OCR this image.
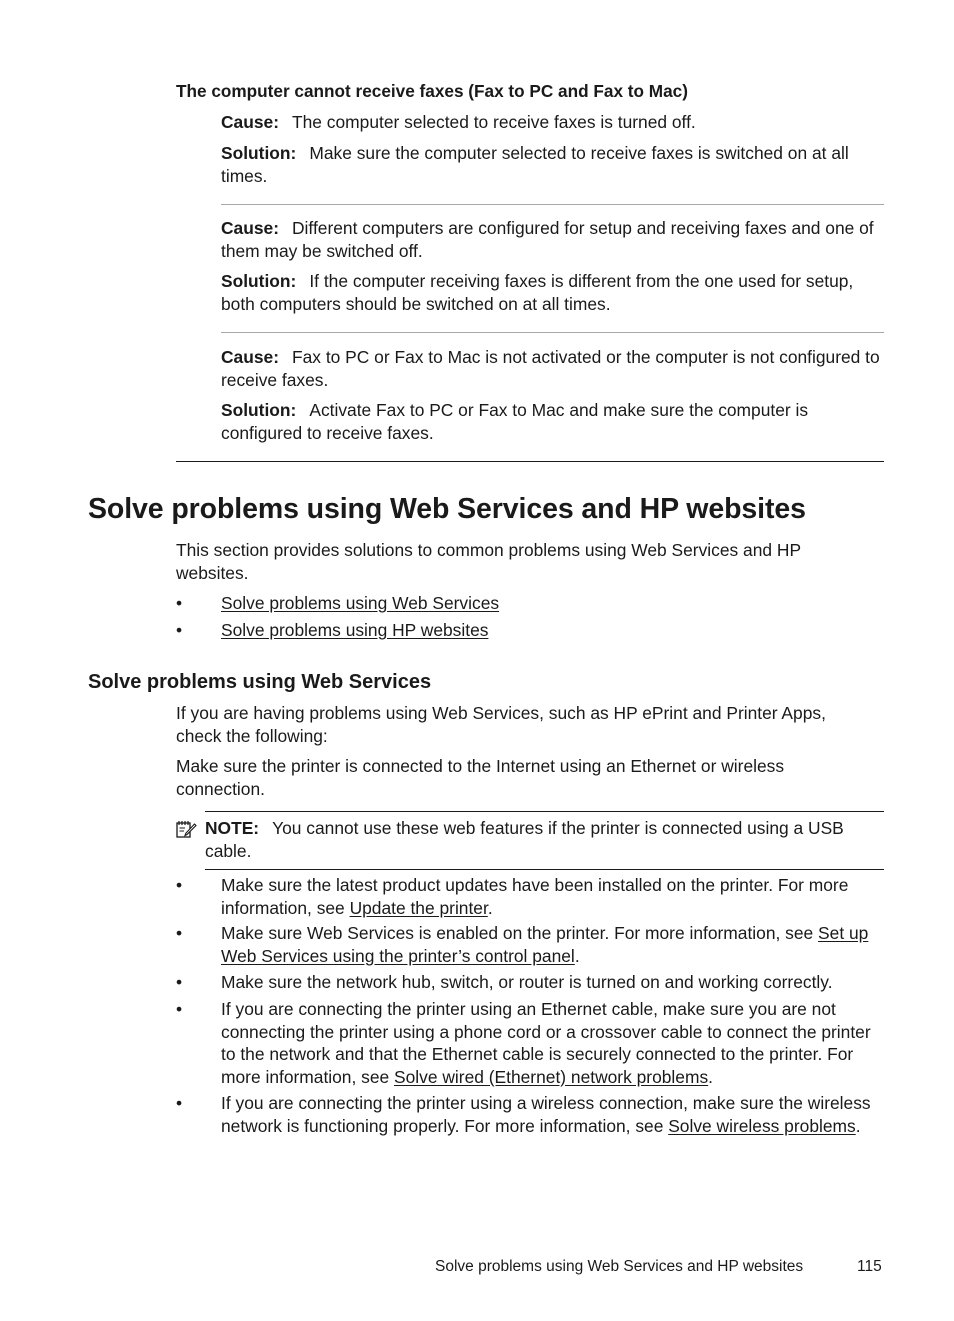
The computer cannot receive faxes (Fax to PC and Fax to Mac)

Cause: The computer selected to receive faxes is turned off.

Solution: Make sure the computer selected to receive faxes is switched on at all times.

Cause: Different computers are configured for setup and receiving faxes and one of them may be switched off.

Solution: If the computer receiving faxes is different from the one used for setup, both computers should be switched on at all times.

Cause: Fax to PC or Fax to Mac is not activated or the computer is not configured to receive faxes.

Solution: Activate Fax to PC or Fax to Mac and make sure the computer is configured to receive faxes.

Solve problems using Web Services and HP websites

This section provides solutions to common problems using Web Services and HP websites.

• Solve problems using Web Services
• Solve problems using HP websites
Solve problems using Web Services

If you are having problems using Web Services, such as HP ePrint and Printer Apps, check the following:

Make sure the printer is connected to the Internet using an Ethernet or wireless connection.

NOTE: You cannot use these web features if the printer is connected using a USB cable.

• Make sure the latest product updates have been installed on the printer. For more information, see Update the printer.

• Make sure Web Services is enabled on the printer. For more information, see Set up Web Services using the printer’s control panel.

• Make sure the network hub, switch, or router is turned on and working correctly.

• If you are connecting the printer using an Ethernet cable, make sure you are not connecting the printer using a phone cord or a crossover cable to connect the printer to the network and that the Ethernet cable is securely connected to the printer. For more information, see Solve wired (Ethernet) network problems.

• If you are connecting the printer using a wireless connection, make sure the wireless network is functioning properly. For more information, see Solve wireless problems.

Solve problems using Web Services and HP websites	115
